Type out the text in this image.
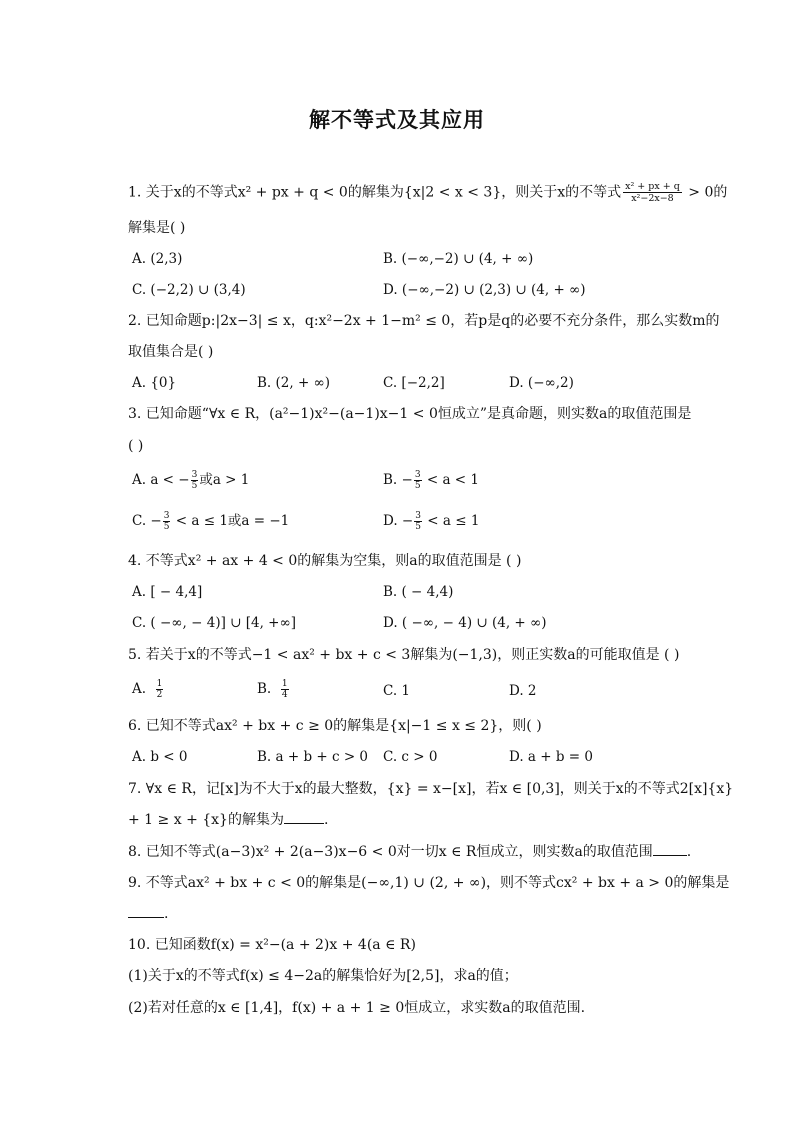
解不等式及其应用
1. 关于x的不等式x² + px + q < 0的解集为{x|2 < x < 3}，则关于x的不等式 $\frac{\text{x² + px + q}}{\text{x²−2x−8}} > 0$的
解集是( )
A. (2,3)	B. (−∞,−2) ∪ (4, + ∞)
C. (−2,2) ∪ (3,4)	D. (−∞,−2) ∪ (2,3) ∪ (4, + ∞)
2. 已知命题p:|2x−3| ≤ x，q:x²−2x + 1−m² ≤ 0，若p是q的必要不充分条件，那么实数m的
取值集合是( )
A. {0}	B. (2, + ∞)	C. [−2,2]	D. (−∞,2)
3. 已知命题“∀x ∈ R，(a²−1)x²−(a−1)x−1 < 0恒成立”是真命题，则实数a的取值范围是
( )
A. a < − $\frac{3}{5}$ 或a > 1	B. − $\frac{3}{5} < a < 1$
C. − $\frac{3}{5} < a \le 1$或a = −1	D. − $\frac{3}{5} < a \le 1$
4. 不等式x² + ax + 4 < 0的解集为空集，则a的取值范围是 ( )
A. [ − 4,4]	B. ( − 4,4)
C. ( −∞, − 4)] ∪ [4, +∞]	D. ( −∞, − 4) ∪ (4, + ∞)
5. 若关于x的不等式−1 < ax² + bx + c < 3解集为(−1,3)，则正实数a的可能取值是 ( )
A. $\frac{1}{2}$	B. $\frac{1}{4}$	C. 1	D. 2
6. 已知不等式ax² + bx + c ≥ 0的解集是{x|−1 ≤ x ≤ 2}，则( )
A. b < 0	B. a + b + c > 0 C. c > 0	D. a + b = 0
7. ∀x ∈ R，记[x]为不大于x的最大整数，{x} = x−[x]，若x ∈ [0,3]，则关于x的不等式2[x]{x}
+ 1 ≥ x + {x}的解集为	.
8. 已知不等式(a−3)x² + 2(a−3)x−6 < 0对一切x ∈ R恒成立，则实数a的取值范围 .
9. 不等式ax² + bx + c < 0的解集是(−∞,1) ∪ (2, + ∞)，则不等式cx² + bx + a > 0的解集是
.
10. 已知函数f(x) = x²−(a + 2)x + 4(a ∈ R)
(1)关于x的不等式f(x) ≤ 4−2a的解集恰好为[2,5]，求a的值；
(2)若对任意的x ∈ [1,4]，f(x) + a + 1 ≥ 0恒成立，求实数a的取值范围.
